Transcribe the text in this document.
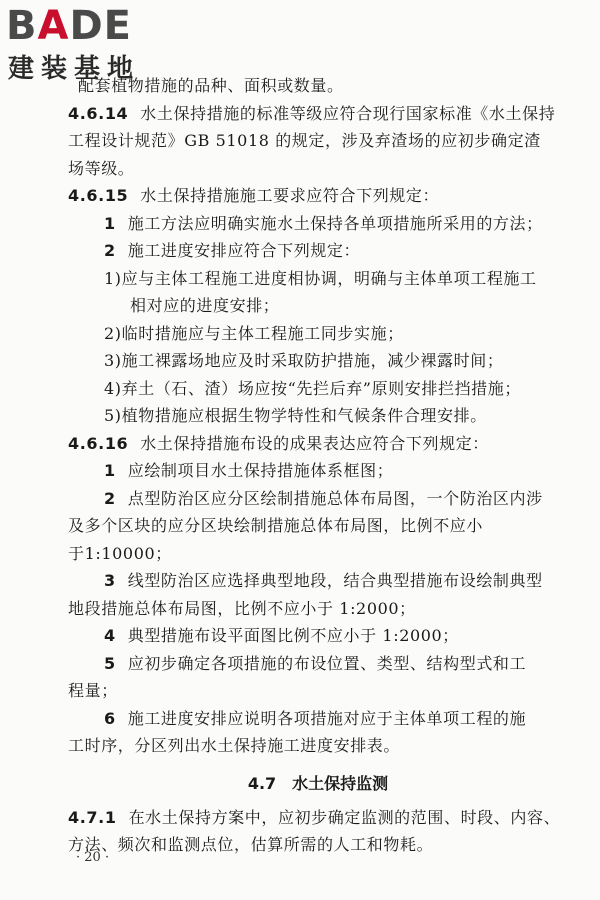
BADE
建装基地
配套植物措施的品种、面积或数量。
4.6.14 水土保持措施的标准等级应符合现行国家标准《水土保持
工程设计规范》GB 51018 的规定，涉及弃渣场的应初步确定渣
场等级。
4.6.15 水土保持措施施工要求应符合下列规定：
1 施工方法应明确实施水土保持各单项措施所采用的方法；
2 施工进度安排应符合下列规定：
1)应与主体工程施工进度相协调，明确与主体单项工程施工
相对应的进度安排；
2)临时措施应与主体工程施工同步实施；
3)施工裸露场地应及时采取防护措施，减少裸露时间；
4)弃土（石、渣）场应按“先拦后弃”原则安排拦挡措施；
5)植物措施应根据生物学特性和气候条件合理安排。
4.6.16 水土保持措施布设的成果表达应符合下列规定：
1 应绘制项目水土保持措施体系框图；
2 点型防治区应分区绘制措施总体布局图，一个防治区内涉
及多个区块的应分区块绘制措施总体布局图，比例不应小
于1:10000；
3 线型防治区应选择典型地段，结合典型措施布设绘制典型
地段措施总体布局图，比例不应小于 1:2000；
4 典型措施布设平面图比例不应小于 1:2000；
5 应初步确定各项措施的布设位置、类型、结构型式和工
程量；
6 施工进度安排应说明各项措施对应于主体单项工程的施
工时序，分区列出水土保持施工进度安排表。
4.7 水土保持监测
4.7.1 在水土保持方案中，应初步确定监测的范围、时段、内容、
方法、频次和监测点位，估算所需的人工和物耗。
· 20 ·
